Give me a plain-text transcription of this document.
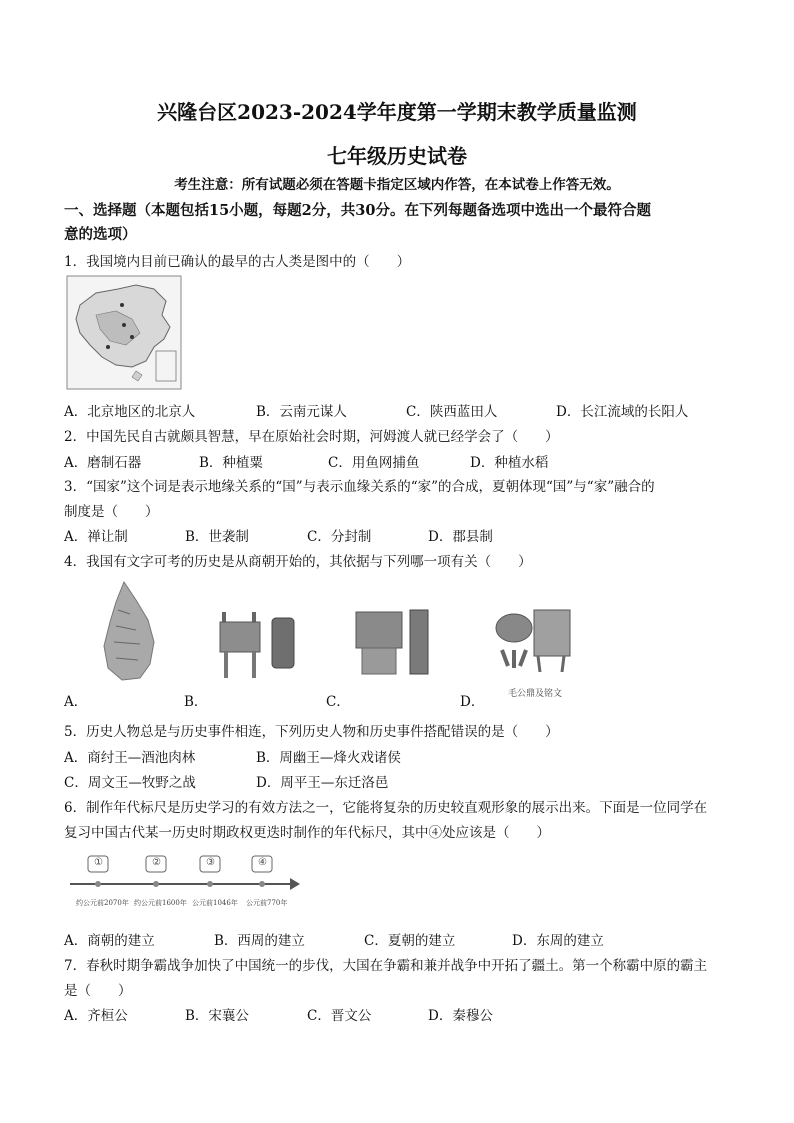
兴隆台区2023-2024学年度第一学期末教学质量监测
七年级历史试卷
考生注意：所有试题必须在答题卡指定区域内作答，在本试卷上作答无效。
一、选择题（本题包括15小题，每题2分，共30分。在下列每题备选项中选出一个最符合题
意的选项）
1．我国境内目前已确认的最早的古人类是图中的（　　）
A．北京地区的北京人	B．云南元谋人	C．陕西蓝田人	D．长江流域的长阳人
2．中国先民自古就颇具智慧，早在原始社会时期，河姆渡人就已经学会了（　　）
A．磨制石器	B．种植粟	C．用鱼网捕鱼	D．种植水稻
3．“国家”这个词是表示地缘关系的“国”与表示血缘关系的“家”的合成，夏朝体现“国”与“家”融合的
制度是（　　）
A．禅让制	B．世袭制	C．分封制	D．郡县制
4．我国有文字可考的历史是从商朝开始的，其依据与下列哪一项有关（　　）
A．	B．	C．	D．	毛公鼎及铭文
5．历史人物总是与历史事件相连，下列历史人物和历史事件搭配错误的是（　　）
A．商纣王—酒池肉林	B．周幽王—烽火戏诸侯
C．周文王—牧野之战	D．周平王—东迁洛邑
6．制作年代标尺是历史学习的有效方法之一，它能将复杂的历史较直观形象的展示出来。下面是一位同学在
复习中国古代某一历史时期政权更迭时制作的年代标尺，其中④处应该是（　　）
①	②	③	④
约公元前2070年 约公元前1600年 公元前1046年 公元前770年
A．商朝的建立	B．西周的建立	C．夏朝的建立	D．东周的建立
7．春秋时期争霸战争加快了中国统一的步伐，大国在争霸和兼并战争中开拓了疆土。第一个称霸中原的霸主
是（　　）
A．齐桓公	B．宋襄公	C．晋文公	D．秦穆公
